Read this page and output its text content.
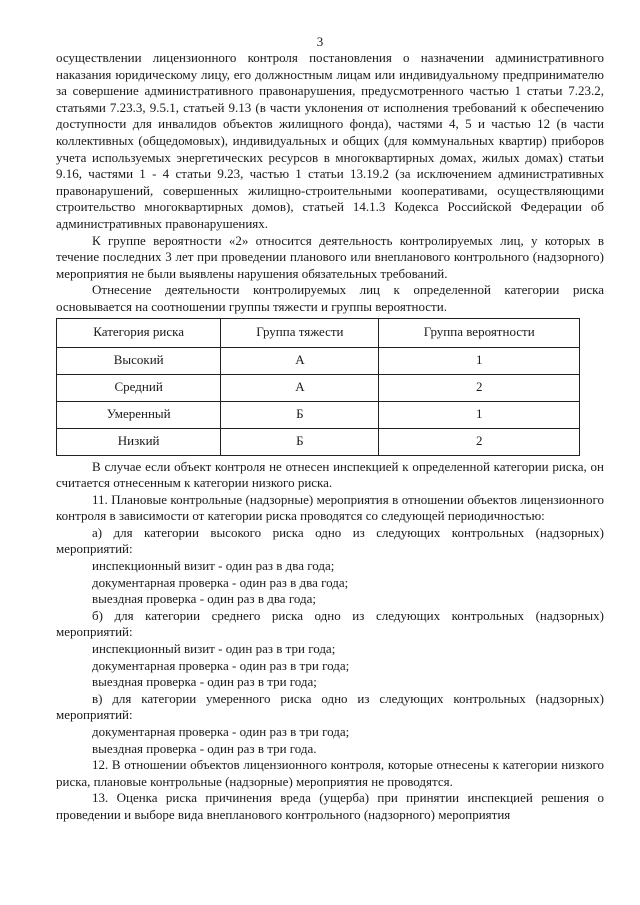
3

осуществлении лицензионного контроля постановления о назначении административного наказания юридическому лицу, его должностным лицам или индивидуальному предпринимателю за совершение административного правонарушения, предусмотренного частью 1 статьи 7.23.2, статьями 7.23.3, 9.5.1, статьей 9.13 (в части уклонения от исполнения требований к обеспечению доступности для инвалидов объектов жилищного фонда), частями 4, 5 и частью 12 (в части коллективных (общедомовых), индивидуальных и общих (для коммунальных квартир) приборов учета используемых энергетических ресурсов в многоквартирных домах, жилых домах) статьи 9.16, частями 1 - 4 статьи 9.23, частью 1 статьи 13.19.2 (за исключением административных правонарушений, совершенных жилищно-строительными кооперативами, осуществляющими строительство многоквартирных домов), статьей 14.1.3 Кодекса Российской Федерации об административных правонарушениях.

К группе вероятности «2» относится деятельность контролируемых лиц, у которых в течение последних 3 лет при проведении планового или внепланового контрольного (надзорного) мероприятия не были выявлены нарушения обязательных требований.

Отнесение деятельности контролируемых лиц к определенной категории риска основывается на соотношении группы тяжести и группы вероятности.

Категория риска	Группа тяжести	Группа вероятности
Высокий	А	1
Средний	А	2
Умеренный	Б	1
Низкий	Б	2

В случае если объект контроля не отнесен инспекцией к определенной категории риска, он считается отнесенным к категории низкого риска.

11. Плановые контрольные (надзорные) мероприятия в отношении объектов лицензионного контроля в зависимости от категории риска проводятся со следующей периодичностью:

а) для категории высокого риска одно из следующих контрольных (надзорных) мероприятий:

инспекционный визит - один раз в два года;

документарная проверка - один раз в два года;

выездная проверка - один раз в два года;

б) для категории среднего риска одно из следующих контрольных (надзорных) мероприятий:

инспекционный визит - один раз в три года;

документарная проверка - один раз в три года;

выездная проверка - один раз в три года;

в) для категории умеренного риска одно из следующих контрольных (надзорных) мероприятий:

документарная проверка - один раз в три года;

выездная проверка - один раз в три года.

12. В отношении объектов лицензионного контроля, которые отнесены к категории низкого риска, плановые контрольные (надзорные) мероприятия не проводятся.

13. Оценка риска причинения вреда (ущерба) при принятии инспекцией решения о проведении и выборе вида внепланового контрольного (надзорного) мероприятия
